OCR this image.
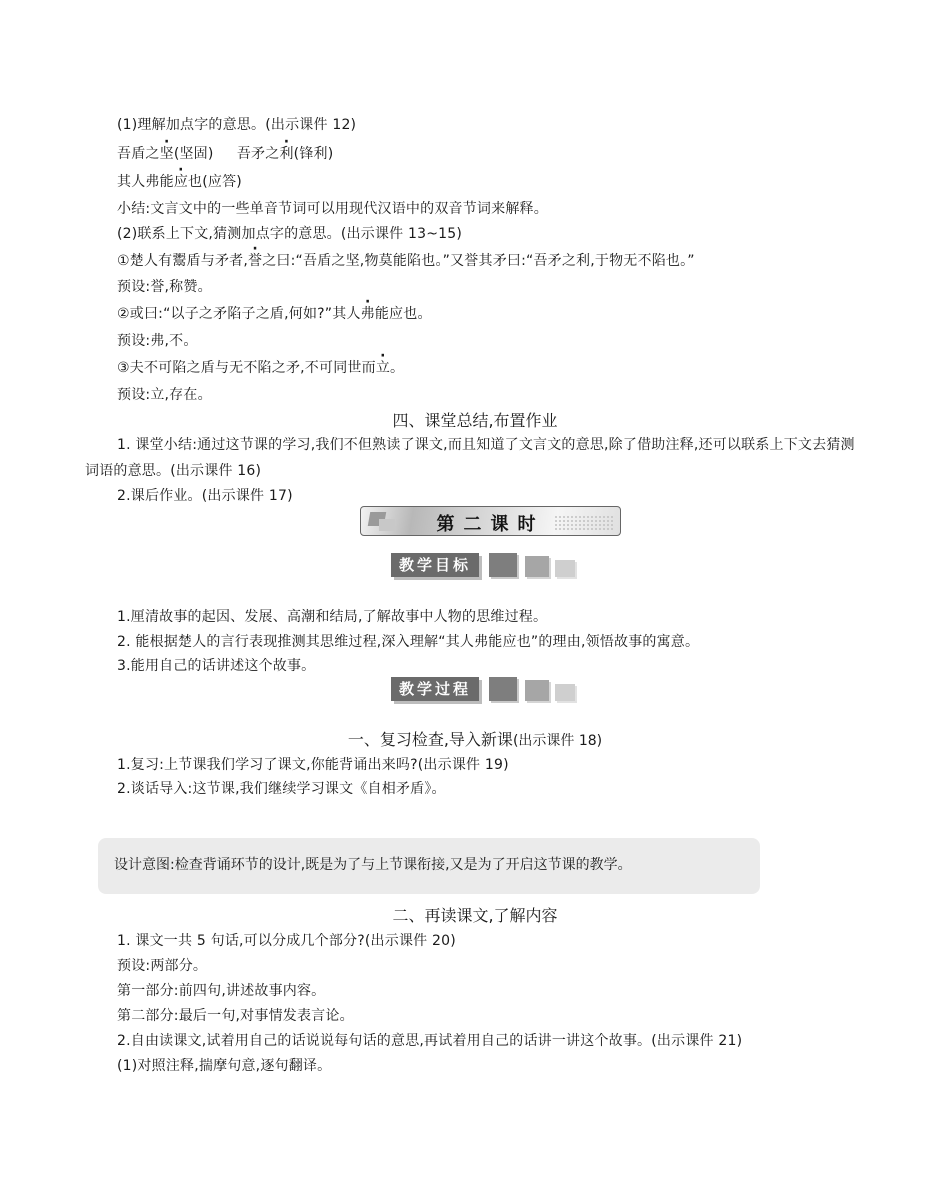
(1)理解加点字的意思。(出示课件 12)
吾盾之坚(坚固) 吾矛之利(锋利)
其人弗能应也(应答)
小结:文言文中的一些单音节词可以用现代汉语中的双音节词来解释。
(2)联系上下文,猜测加点字的意思。(出示课件 13~15)
①楚人有鬻盾与矛者,誉之曰:“吾盾之坚,物莫能陷也。”又誉其矛曰:“吾矛之利,于物无不陷也。”
预设:誉,称赞。
②或曰:“以子之矛陷子之盾,何如?”其人弗能应也。
预设:弗,不。
③夫不可陷之盾与无不陷之矛,不可同世而立。
预设:立,存在。
四、课堂总结,布置作业
1. 课堂小结:通过这节课的学习,我们不但熟读了课文,而且知道了文言文的意思,除了借助注释,还可以联系上下文去猜测词语的意思。(出示课件 16)
2.课后作业。(出示课件 17)
第二课时
教学目标
1.厘清故事的起因、发展、高潮和结局,了解故事中人物的思维过程。
2. 能根据楚人的言行表现推测其思维过程,深入理解“其人弗能应也”的理由,领悟故事的寓意。
3.能用自己的话讲述这个故事。
教学过程
一、复习检查,导入新课(出示课件 18)
1.复习:上节课我们学习了课文,你能背诵出来吗?(出示课件 19)
2.谈话导入:这节课,我们继续学习课文《自相矛盾》。
设计意图:检查背诵环节的设计,既是为了与上节课衔接,又是为了开启这节课的教学。
二、再读课文,了解内容
1. 课文一共 5 句话,可以分成几个部分?(出示课件 20)
预设:两部分。
第一部分:前四句,讲述故事内容。
第二部分:最后一句,对事情发表言论。
2.自由读课文,试着用自己的话说说每句话的意思,再试着用自己的话讲一讲这个故事。(出示课件 21)
(1)对照注释,揣摩句意,逐句翻译。
